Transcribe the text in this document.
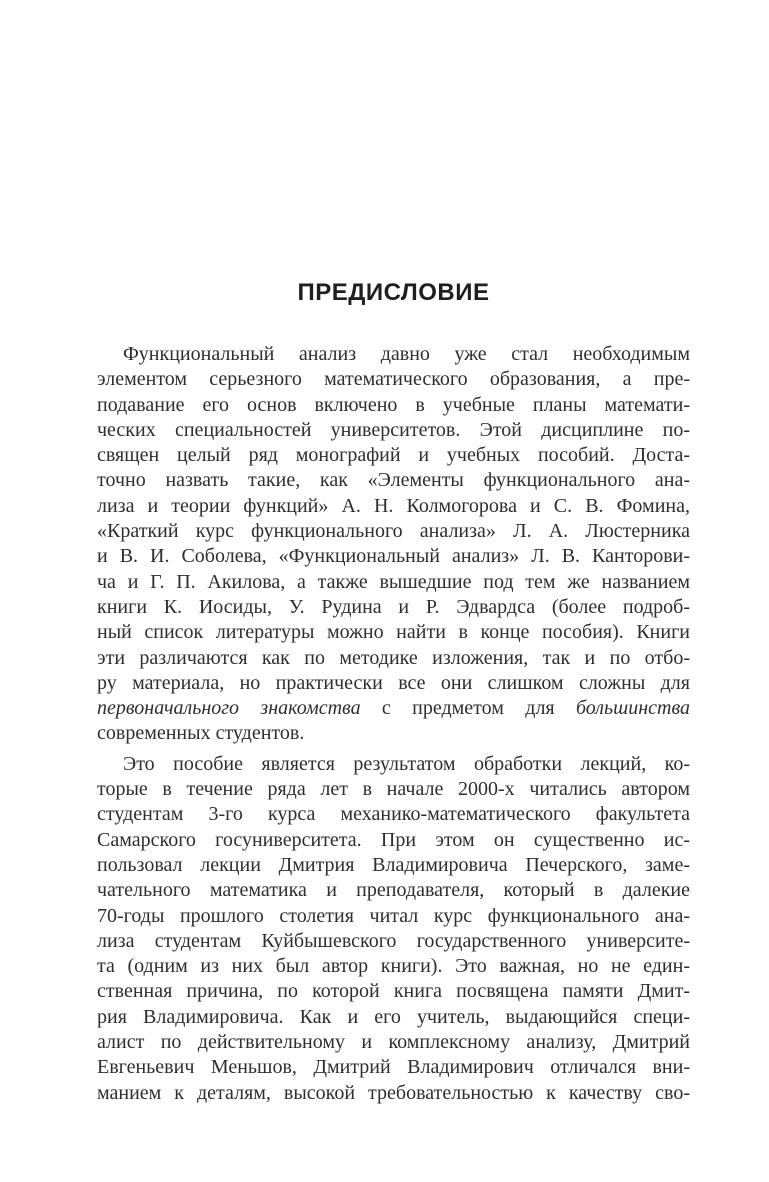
ПРЕДИСЛОВИЕ
Функциональный анализ давно уже стал необходимым
элементом серьезного математического образования, а пре-
подавание его основ включено в учебные планы математи-
ческих специальностей университетов. Этой дисциплине по-
священ целый ряд монографий и учебных пособий. Доста-
точно назвать такие, как «Элементы функционального ана-
лиза и теории функций» А. Н. Колмогорова и С. В. Фомина,
«Краткий курс функционального анализа» Л. А. Люстерника
и В. И. Соболева, «Функциональный анализ» Л. В. Канторови-
ча и Г. П. Акилова, а также вышедшие под тем же названием
книги К. Иосиды, У. Рудина и Р. Эдвардса (более подроб-
ный список литературы можно найти в конце пособия). Книги
эти различаются как по методике изложения, так и по отбо-
ру материала, но практически все они слишком сложны для
первоначального знакомства с предметом для большинства
современных студентов.
Это пособие является результатом обработки лекций, ко-
торые в течение ряда лет в начале 2000-х читались автором
студентам 3-го курса механико-математического факультета
Самарского госуниверситета. При этом он существенно ис-
пользовал лекции Дмитрия Владимировича Печерского, заме-
чательного математика и преподавателя, который в далекие
70-годы прошлого столетия читал курс функционального ана-
лиза студентам Куйбышевского государственного университе-
та (одним из них был автор книги). Это важная, но не един-
ственная причина, по которой книга посвящена памяти Дмит-
рия Владимировича. Как и его учитель, выдающийся специ-
алист по действительному и комплексному анализу, Дмитрий
Евгеньевич Меньшов, Дмитрий Владимирович отличался вни-
манием к деталям, высокой требовательностью к качеству сво-
